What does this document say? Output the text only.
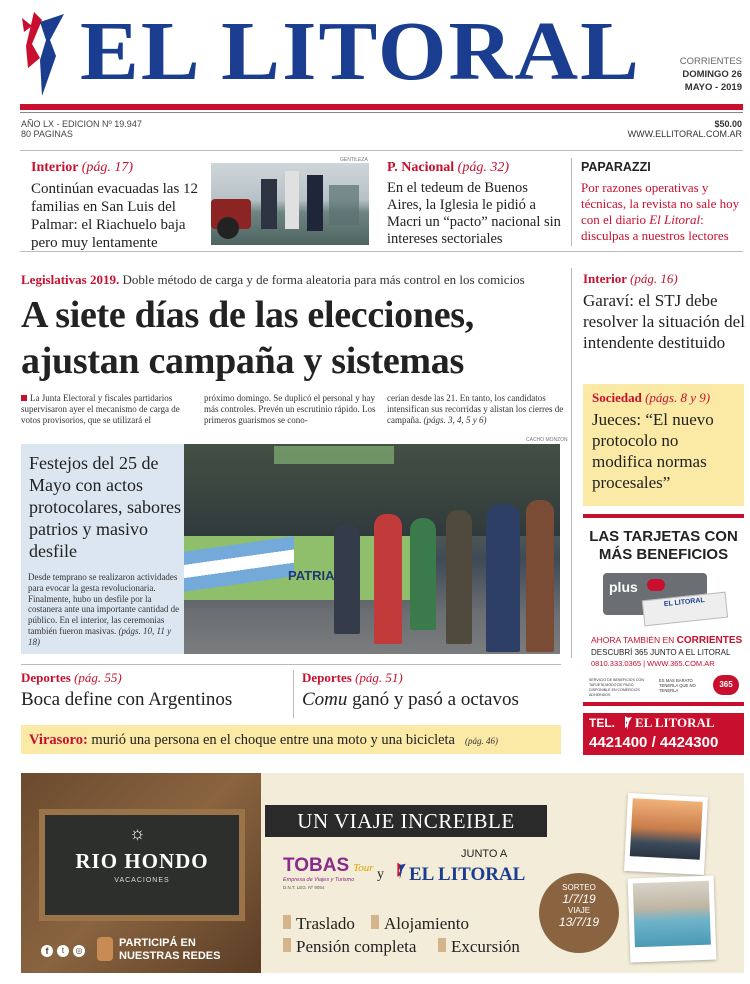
EL LITORAL	CORRIENTES
DOMINGO 26
MAYO - 2019
AÑO LX - EDICION Nº 19.947
80 PAGINAS
$50.00
WWW.ELLITORAL.COM.AR
Interior (pág. 17)
Continúan evacuadas las 12 familias en San Luis del Palmar: el Riachuelo baja pero muy lentamente
GENTILEZA P. Nacional (pág. 32)
En el tedeum de Buenos Aires, la Iglesia le pidió a Macri un “pacto” nacional sin intereses sectoriales
PAPARAZZI
Por razones operativas y técnicas, la revista no sale hoy con el diario El Litoral: disculpas a nuestros lectores
Legislativas 2019. Doble método de carga y de forma aleatoria para más control en los comicios
A siete días de las elecciones,
ajustan campaña y sistemas
La Junta Electoral y fiscales partidarios supervisaron ayer el mecanismo de carga de votos provisorios, que se utilizará el
próximo domingo. Se duplicó el personal y hay más controles. Prevén un escrutinio rápido. Los primeros guarismos se cono-
cerían desde las 21. En tanto, los candidatos intensifican sus recorridas y alistan los cierres de campaña. (págs. 3, 4, 5 y 6)
Festejos del 25 de Mayo con actos protocolares, sabores patrios y masivo desfile
Desde temprano se realizaron actividades para evocar la gesta revolucionaria. Finalmente, hubo un desfile por la costanera ante una importante cantidad de público. En el interior, las ceremonias también fueron masivas. (págs. 10, 11 y 18)
PATRIA
CACHO MONZON
Interior (pág. 16)
Garaví: el STJ debe resolver la situación del intendente destituido
Sociedad (págs. 8 y 9)
Jueces: “El nuevo protocolo no modifica normas procesales”
LAS TARJETAS CON
MÁS BENEFICIOS
plus
EL LITORAL
AHORA TAMBIÉN EN CORRIENTES
DESCUBRÍ 365 JUNTO A EL LITORAL
0810.333.0365 | WWW.365.COM.AR
SERVICIO DE BENEFICIOS CON TARJETA MODO DE PAGO DISPONIBLE EN COMERCIOS ADHERIDOS
ES MÁS BARATO TENERLA QUE NO TENERLA
365
TEL. EL LITORAL
4421400 / 4424300
Deportes (pág. 55)
Boca define con Argentinos
Deportes (pág. 51)
Comu ganó y pasó a octavos
Virasoro: murió una persona en el choque entre una moto y una bicicleta (pág. 46)
☼
RIO HONDO
VACACIONES
f	t	◎
PARTICIPÁ EN
NUESTRAS REDES
UN VIAJE INCREIBLE
TOBAS Tour
Empresa de Viajes y Turismo
D.N.T. LEG. Nº 9054
JUNTO A
y EL LITORAL
Traslado	Alojamiento
Pensión completa	Excursión
SORTEO
1/7/19
VIAJE
13/7/19
